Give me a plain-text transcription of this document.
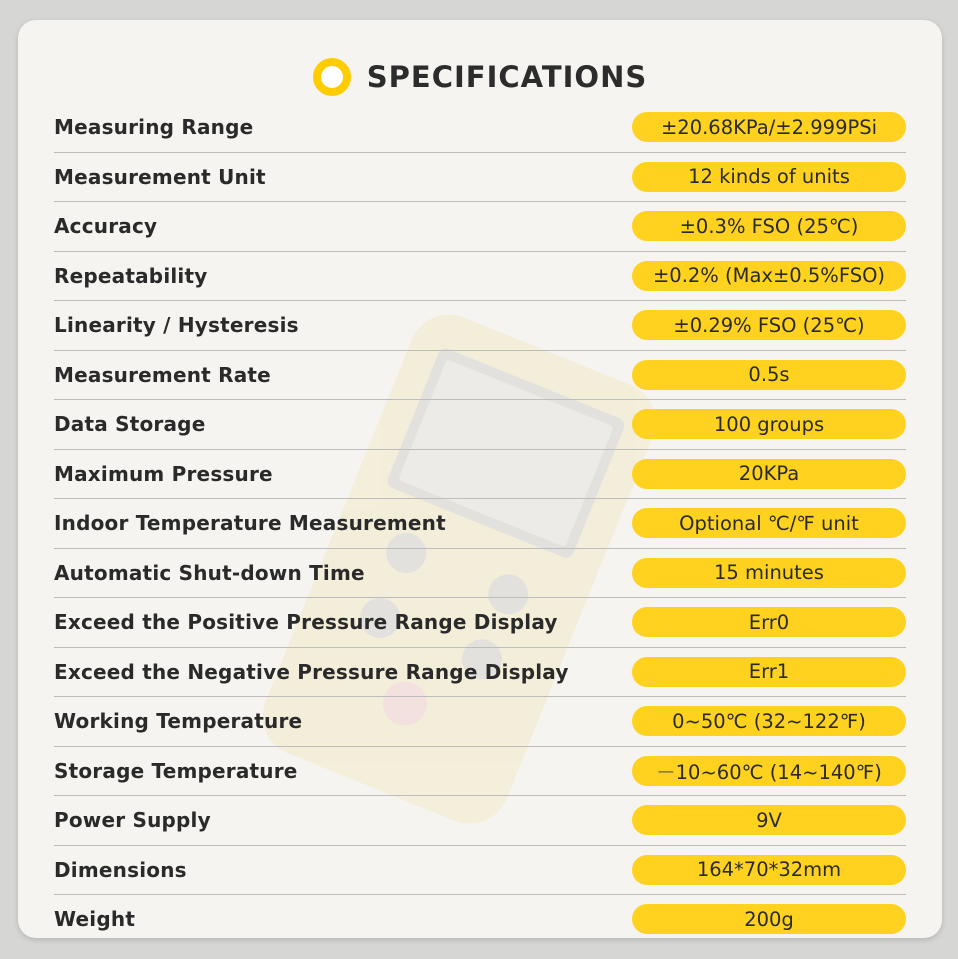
SPECIFICATIONS
Measuring Range	±20.68KPa/±2.999PSi
Measurement Unit	12 kinds of units
Accuracy	±0.3% FSO (25℃)
Repeatability	±0.2% (Max±0.5%FSO)
Linearity / Hysteresis	±0.29% FSO (25℃)
Measurement Rate	0.5s
Data Storage	100 groups
Maximum Pressure	20KPa
Indoor Temperature Measurement	Optional ℃/℉ unit
Automatic Shut-down Time	15 minutes
Exceed the Positive Pressure Range Display	Err0
Exceed the Negative Pressure Range Display	Err1
Working Temperature	0~50℃ (32~122℉)
Storage Temperature	－10~60℃ (14~140℉)
Power Supply	9V
Dimensions	164*70*32mm
Weight	200g
